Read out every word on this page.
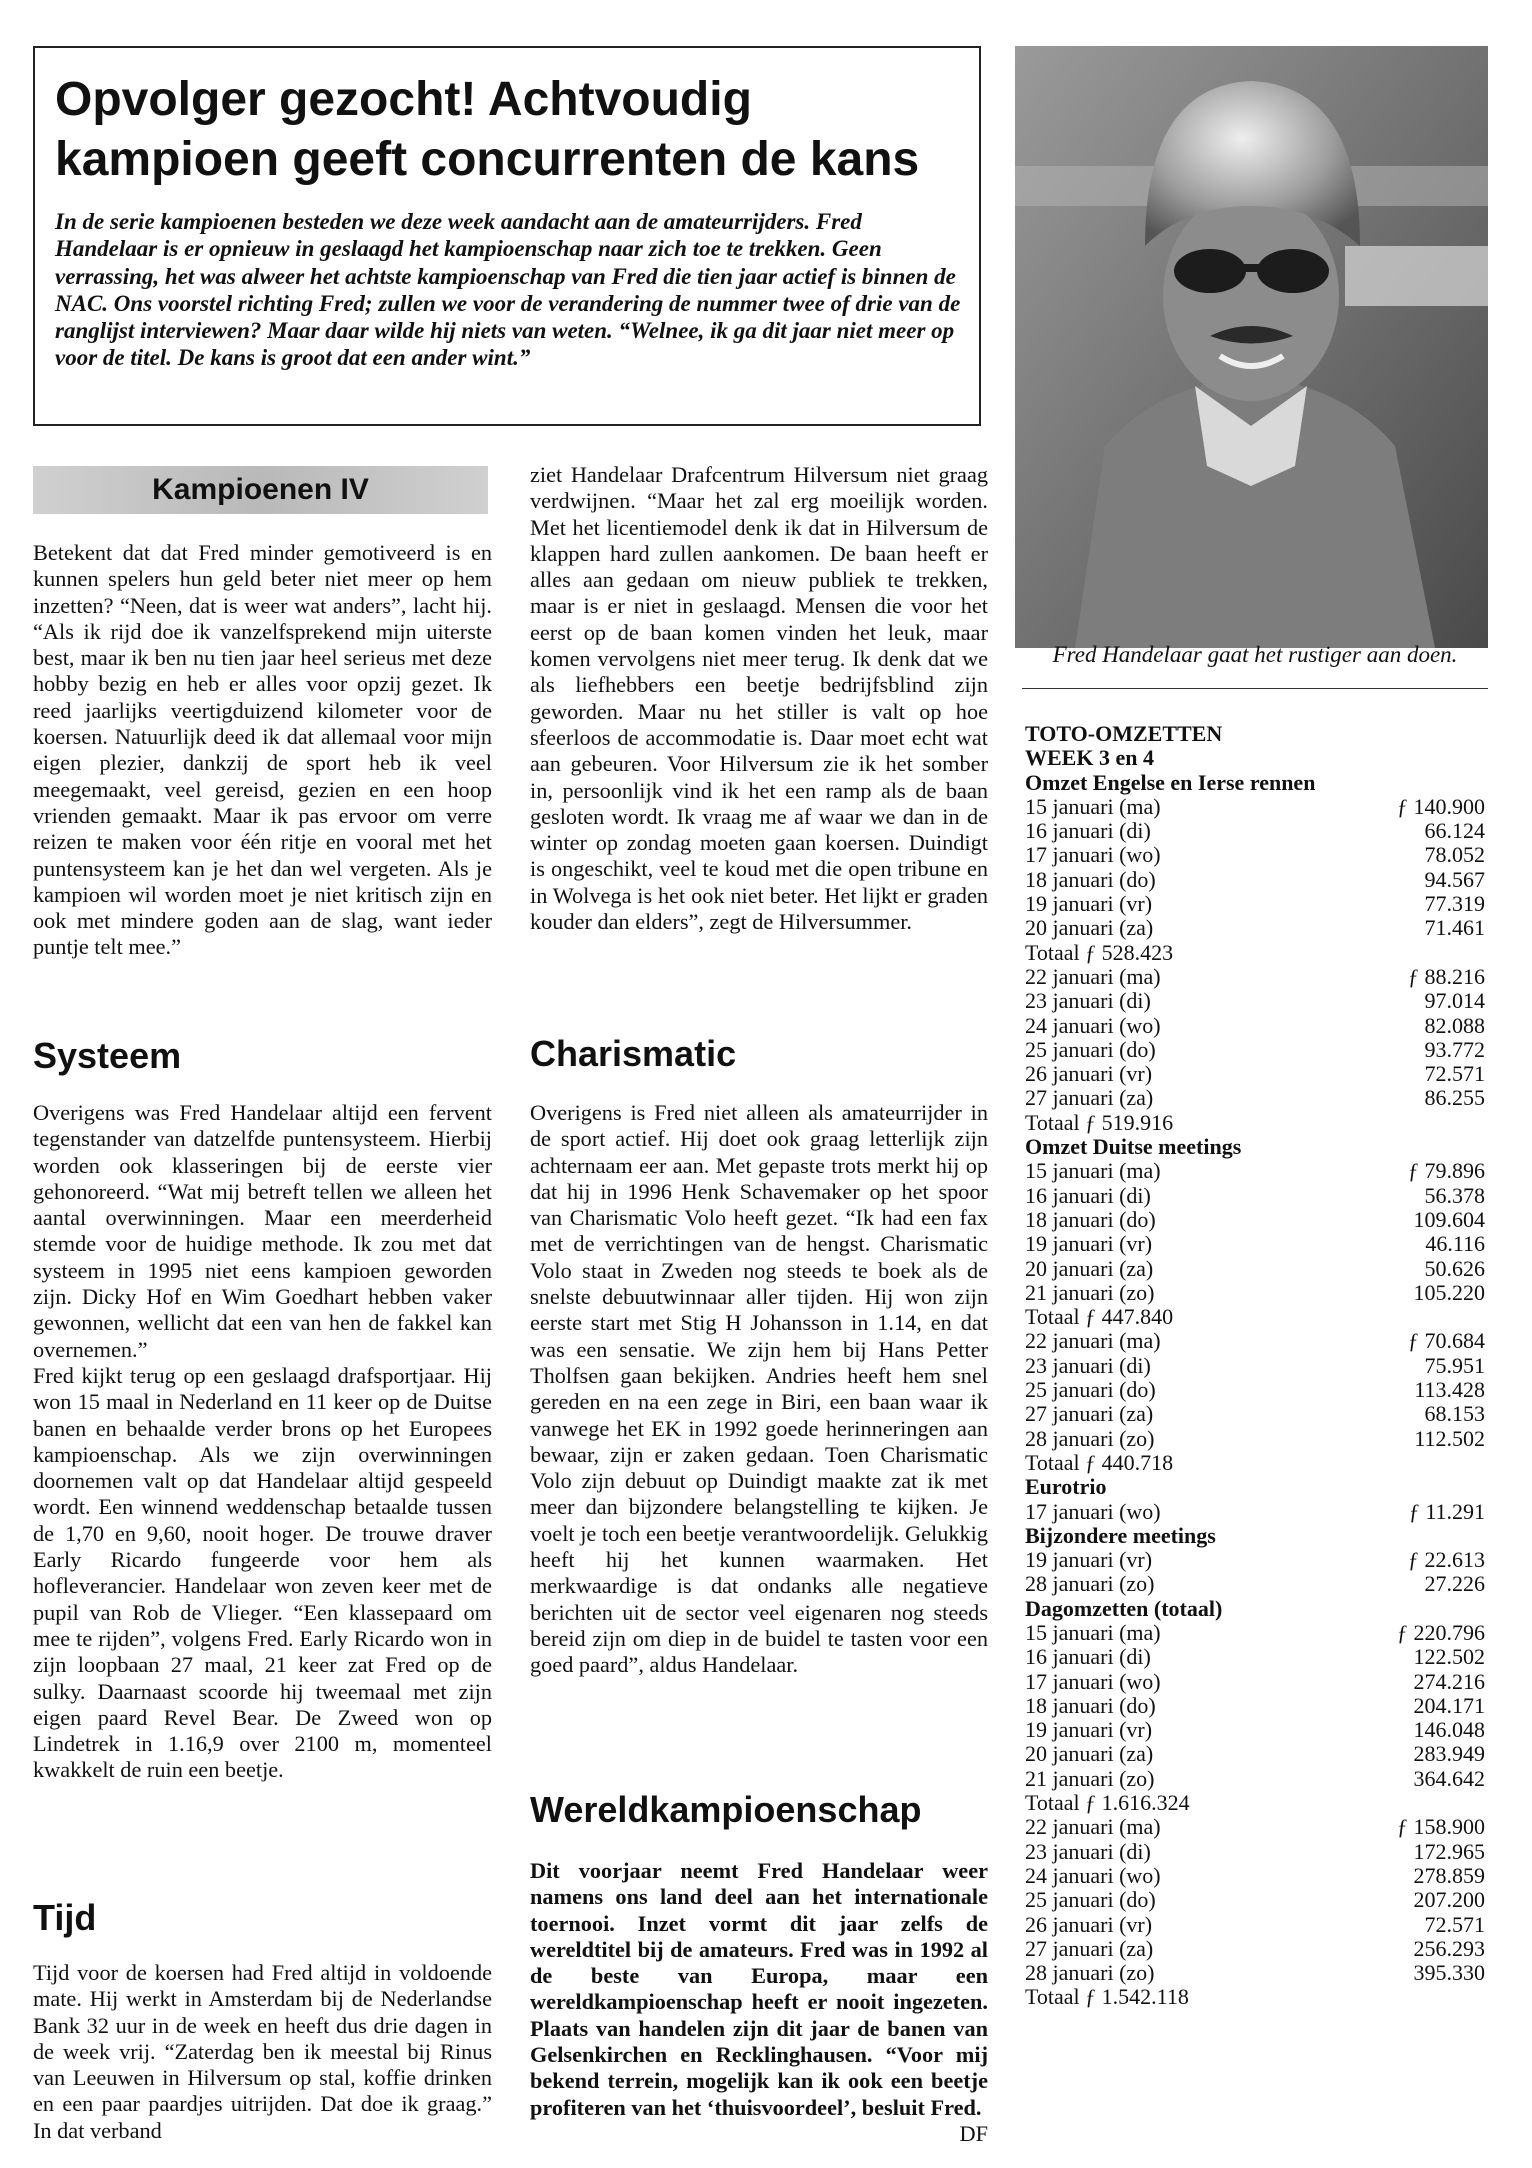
Opvolger gezocht! Achtvoudig kampioen geeft concurrenten de kans

In de serie kampioenen besteden we deze week aandacht aan de amateurrijders. Fred Handelaar is er opnieuw in geslaagd het kampioenschap naar zich toe te trekken. Geen verrassing, het was alweer het achtste kampioenschap van Fred die tien jaar actief is binnen de NAC. Ons voorstel richting Fred; zullen we voor de verandering de nummer twee of drie van de ranglijst interviewen? Maar daar wilde hij niets van weten. “Welnee, ik ga dit jaar niet meer op voor de titel. De kans is groot dat een ander wint.”

Fred Handelaar gaat het rustiger aan doen.
Kampioenen IV

Betekent dat dat Fred minder gemotiveerd is en kunnen spelers hun geld beter niet meer op hem inzetten? “Neen, dat is weer wat anders”, lacht hij. “Als ik rijd doe ik vanzelfsprekend mijn uiterste best, maar ik ben nu tien jaar heel serieus met deze hobby bezig en heb er alles voor opzij gezet. Ik reed jaarlijks veertigduizend kilometer voor de koersen. Natuurlijk deed ik dat allemaal voor mijn eigen plezier, dankzij de sport heb ik veel meegemaakt, veel gereisd, gezien en een hoop vrienden gemaakt. Maar ik pas ervoor om verre reizen te maken voor één ritje en vooral met het puntensysteem kan je het dan wel vergeten. Als je kampioen wil worden moet je niet kritisch zijn en ook met mindere goden aan de slag, want ieder puntje telt mee.”

Systeem

Overigens was Fred Handelaar altijd een fervent tegenstander van datzelfde puntensysteem. Hierbij worden ook klasseringen bij de eerste vier gehonoreerd. “Wat mij betreft tellen we alleen het aantal overwinningen. Maar een meerderheid stemde voor de huidige methode. Ik zou met dat systeem in 1995 niet eens kampioen geworden zijn. Dicky Hof en Wim Goedhart hebben vaker gewonnen, wellicht dat een van hen de fakkel kan overnemen.”

Fred kijkt terug op een geslaagd drafsportjaar. Hij won 15 maal in Nederland en 11 keer op de Duitse banen en behaalde verder brons op het Europees kampioenschap. Als we zijn overwinningen doornemen valt op dat Handelaar altijd gespeeld wordt. Een winnend weddenschap betaalde tussen de 1,70 en 9,60, nooit hoger. De trouwe draver Early Ricardo fungeerde voor hem als hofleverancier. Handelaar won zeven keer met de pupil van Rob de Vlieger. “Een klassepaard om mee te rijden”, volgens Fred. Early Ricardo won in zijn loopbaan 27 maal, 21 keer zat Fred op de sulky. Daarnaast scoorde hij tweemaal met zijn eigen paard Revel Bear. De Zweed won op Lindetrek in 1.16,9 over 2100 m, momenteel kwakkelt de ruin een beetje.

Tijd

Tijd voor de koersen had Fred altijd in voldoende mate. Hij werkt in Amsterdam bij de Nederlandse Bank 32 uur in de week en heeft dus drie dagen in de week vrij. “Zaterdag ben ik meestal bij Rinus van Leeuwen in Hilversum op stal, koffie drinken en een paar paardjes uitrijden. Dat doe ik graag.” In dat verband

ziet Handelaar Drafcentrum Hilversum niet graag verdwijnen. “Maar het zal erg moeilijk worden. Met het licentiemodel denk ik dat in Hilversum de klappen hard zullen aankomen. De baan heeft er alles aan gedaan om nieuw publiek te trekken, maar is er niet in geslaagd. Mensen die voor het eerst op de baan komen vinden het leuk, maar komen vervolgens niet meer terug. Ik denk dat we als liefhebbers een beetje bedrijfsblind zijn geworden. Maar nu het stiller is valt op hoe sfeerloos de accommodatie is. Daar moet echt wat aan gebeuren. Voor Hilversum zie ik het somber in, persoonlijk vind ik het een ramp als de baan gesloten wordt. Ik vraag me af waar we dan in de winter op zondag moeten gaan koersen. Duindigt is ongeschikt, veel te koud met die open tribune en in Wolvega is het ook niet beter. Het lijkt er graden kouder dan elders”, zegt de Hilversummer.

Charismatic

Overigens is Fred niet alleen als amateurrijder in de sport actief. Hij doet ook graag letterlijk zijn achternaam eer aan. Met gepaste trots merkt hij op dat hij in 1996 Henk Schavemaker op het spoor van Charismatic Volo heeft gezet. “Ik had een fax met de verrichtingen van de hengst. Charismatic Volo staat in Zweden nog steeds te boek als de snelste debuutwinnaar aller tijden. Hij won zijn eerste start met Stig H Johansson in 1.14, en dat was een sensatie. We zijn hem bij Hans Petter Tholfsen gaan bekijken. Andries heeft hem snel gereden en na een zege in Biri, een baan waar ik vanwege het EK in 1992 goede herinneringen aan bewaar, zijn er zaken gedaan. Toen Charismatic Volo zijn debuut op Duindigt maakte zat ik met meer dan bijzondere belangstelling te kijken. Je voelt je toch een beetje verantwoordelijk. Gelukkig heeft hij het kunnen waarmaken. Het merkwaardige is dat ondanks alle negatieve berichten uit de sector veel eigenaren nog steeds bereid zijn om diep in de buidel te tasten voor een goed paard”, aldus Handelaar.

Wereldkampioenschap

Dit voorjaar neemt Fred Handelaar weer namens ons land deel aan het internationale toernooi. Inzet vormt dit jaar zelfs de wereldtitel bij de amateurs. Fred was in 1992 al de beste van Europa, maar een wereldkampioenschap heeft er nooit ingezeten. Plaats van handelen zijn dit jaar de banen van Gelsenkirchen en Recklinghausen. “Voor mij bekend terrein, mogelijk kan ik ook een beetje profiteren van het ‘thuisvoordeel’, besluit Fred.
DF

TOTO-OMZETTEN
WEEK 3 en 4
Omzet Engelse en Ierse rennen
15 januari (ma)	ƒ 140.900
16 januari (di)	66.124
17 januari (wo)	78.052
18 januari (do)	94.567
19 januari (vr)	77.319
20 januari (za)	71.461
Totaal ƒ 528.423
22 januari (ma)	ƒ 88.216
23 januari (di)	97.014
24 januari (wo)	82.088
25 januari (do)	93.772
26 januari (vr)	72.571
27 januari (za)	86.255
Totaal ƒ 519.916
Omzet Duitse meetings
15 januari (ma)	ƒ 79.896
16 januari (di)	56.378
18 januari (do)	109.604
19 januari (vr)	46.116
20 januari (za)	50.626
21 januari (zo)	105.220
Totaal ƒ 447.840
22 januari (ma)	ƒ 70.684
23 januari (di)	75.951
25 januari (do)	113.428
27 januari (za)	68.153
28 januari (zo)	112.502
Totaal ƒ 440.718
Eurotrio
17 januari (wo)	ƒ 11.291
Bijzondere meetings
19 januari (vr)	ƒ 22.613
28 januari (zo)	27.226
Dagomzetten (totaal)
15 januari (ma)	ƒ 220.796
16 januari (di)	122.502
17 januari (wo)	274.216
18 januari (do)	204.171
19 januari (vr)	146.048
20 januari (za)	283.949
21 januari (zo)	364.642
Totaal ƒ 1.616.324
22 januari (ma)	ƒ 158.900
23 januari (di)	172.965
24 januari (wo)	278.859
25 januari (do)	207.200
26 januari (vr)	72.571
27 januari (za)	256.293
28 januari (zo)	395.330
Totaal ƒ 1.542.118
